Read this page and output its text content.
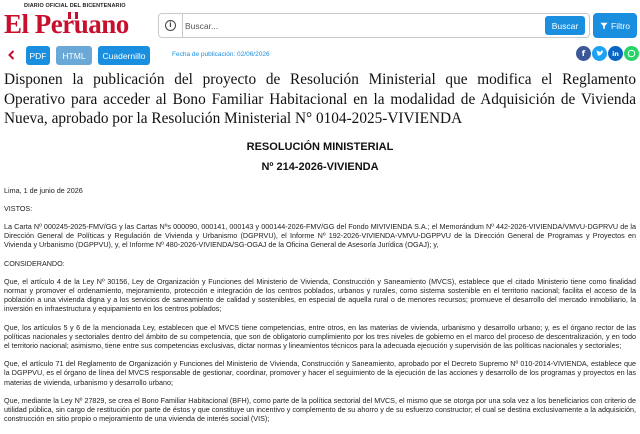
DIARIO OFICIAL DEL BICENTENARIO
El Peruano	i
Buscar...	Buscar	Filtro
PDF	HTML	Cuadernillo	Fecha de publicación: 02/06/2026	f	in
Disponen la publicación del proyecto de Resolución Ministerial que modifica el Reglamento Operativo para acceder al Bono Familiar Habitacional en la modalidad de Adquisición de Vivienda Nueva, aprobado por la Resolución Ministerial N° 0104-2025-VIVIENDA
RESOLUCIÓN MINISTERIAL
Nº 214-2026-VIVIENDA
Lima, 1 de junio de 2026
VISTOS:
La Carta Nº 000245-2025-FMV/GG y las Cartas Nºs 000090, 000141, 000143 y 000144-2026-FMV/GG del Fondo MIVIVIENDA S.A.; el Memorándum Nº 442-2026-VIVIENDA/VMVU-DGPRVU de la Dirección General de Políticas y Regulación de Vivienda y Urbanismo (DGPRVU), el Informe Nº 192-2026-VIVIENDA-VMVU-DGPPVU de la Dirección General de Programas y Proyectos en Vivienda y Urbanismo (DGPPVU), y, el Informe Nº 480-2026-VIVIENDA/SG-OGAJ de la Oficina General de Asesoría Jurídica (OGAJ); y,
CONSIDERANDO:
Que, el artículo 4 de la Ley Nº 30156, Ley de Organización y Funciones del Ministerio de Vivienda, Construcción y Saneamiento (MVCS), establece que el citado Ministerio tiene como finalidad normar y promover el ordenamiento, mejoramiento, protección e integración de los centros poblados, urbanos y rurales, como sistema sostenible en el territorio nacional; facilita el acceso de la población a una vivienda digna y a los servicios de saneamiento de calidad y sostenibles, en especial de aquella rural o de menores recursos; promueve el desarrollo del mercado inmobiliario, la inversión en infraestructura y equipamiento en los centros poblados;
Que, los artículos 5 y 6 de la mencionada Ley, establecen que el MVCS tiene competencias, entre otros, en las materias de vivienda, urbanismo y desarrollo urbano; y, es el órgano rector de las políticas nacionales y sectoriales dentro del ámbito de su competencia, que son de obligatorio cumplimiento por los tres niveles de gobierno en el marco del proceso de descentralización, y en todo el territorio nacional; asimismo, tiene entre sus competencias exclusivas, dictar normas y lineamientos técnicos para la adecuada ejecución y supervisión de las políticas nacionales y sectoriales;
Que, el artículo 71 del Reglamento de Organización y Funciones del Ministerio de Vivienda, Construcción y Saneamiento, aprobado por el Decreto Supremo Nº 010-2014-VIVIENDA, establece que la DGPPVU, es el órgano de línea del MVCS responsable de gestionar, coordinar, promover y hacer el seguimiento de la ejecución de las acciones y desarrollo de los programas y proyectos en las materias de vivienda, urbanismo y desarrollo urbano;
Que, mediante la Ley Nº 27829, se crea el Bono Familiar Habitacional (BFH), como parte de la política sectorial del MVCS, el mismo que se otorga por una sola vez a los beneficiarios con criterio de utilidad pública, sin cargo de restitución por parte de éstos y que constituye un incentivo y complemento de su ahorro y de su esfuerzo constructor; el cual se destina exclusivamente a la adquisición, construcción en sitio propio o mejoramiento de una vivienda de interés social (VIS);
